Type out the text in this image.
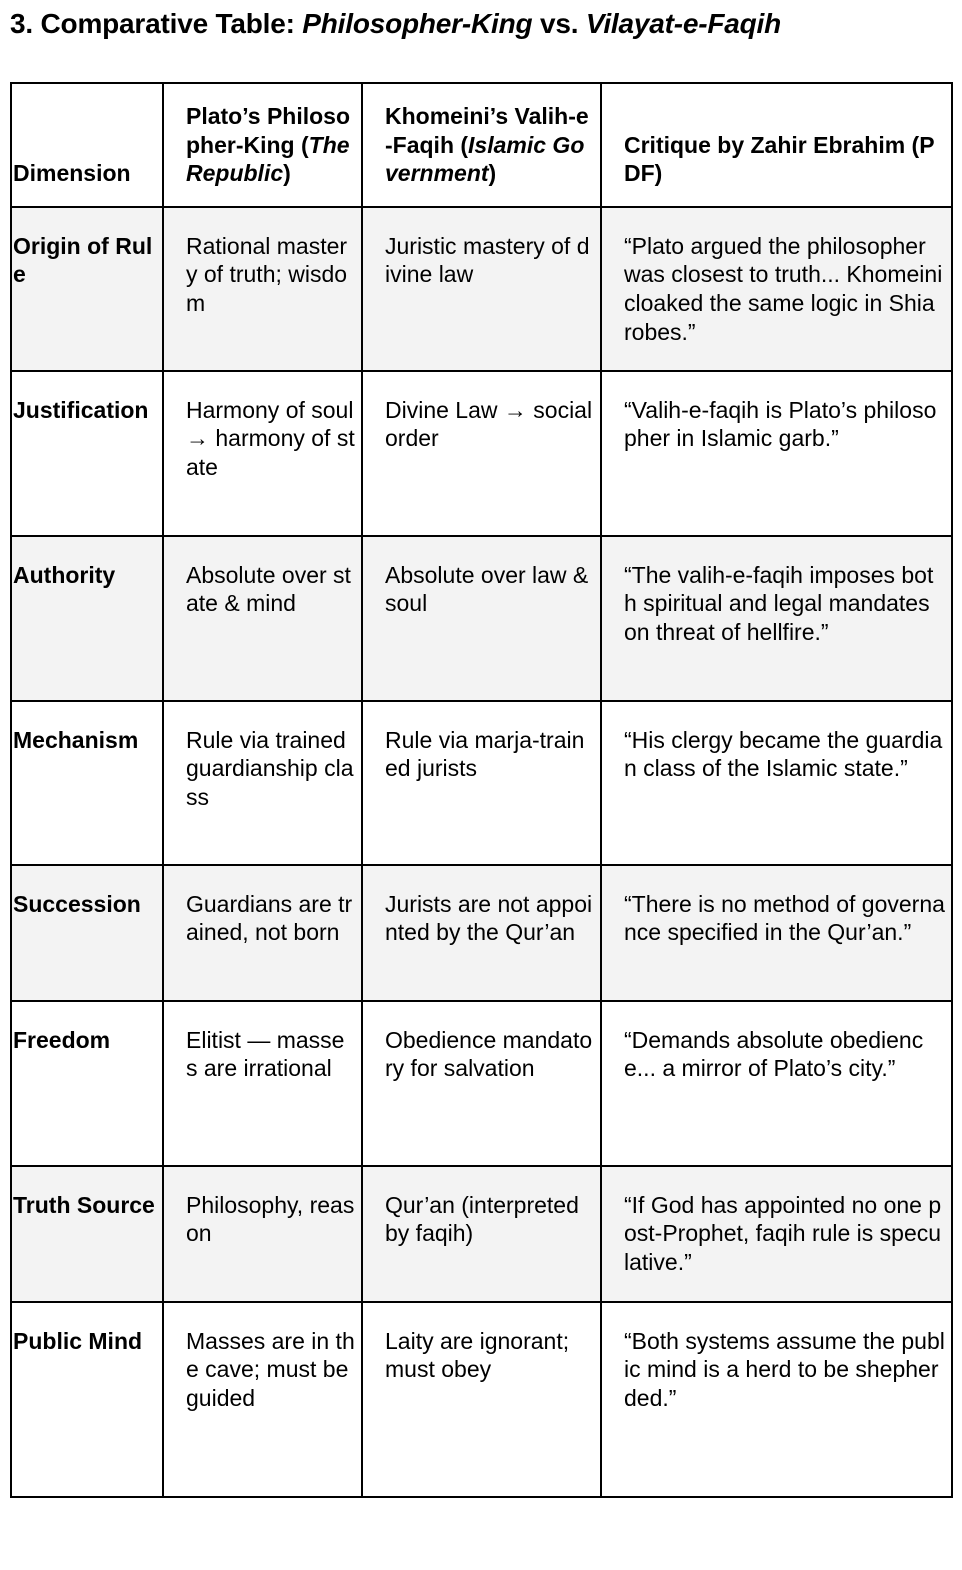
3. Comparative Table: Philosopher-King vs. Vilayat-e-Faqih
Dimension	Plato’s Philosopher-King (The Republic)	Khomeini’s Valih-e-Faqih (Islamic Government)	Critique by Zahir Ebrahim (PDF)
Origin of Rule	Rational mastery of truth; wisdom	Juristic mastery of divine law	“Plato argued the philosopher was closest to truth... Khomeini cloaked the same logic in Shia robes.”
Justification	Harmony of soul → harmony of state	Divine Law → social order	“Valih-e-faqih is Plato’s philosopher in Islamic garb.”
Authority	Absolute over state & mind	Absolute over law & soul	“The valih-e-faqih imposes both spiritual and legal mandates on threat of hellfire.”
Mechanism	Rule via trained guardianship class	Rule via marja-trained jurists	“His clergy became the guardian class of the Islamic state.”
Succession	Guardians are trained, not born	Jurists are not appointed by the Qur’an	“There is no method of governance specified in the Qur’an.”
Freedom	Elitist — masses are irrational	Obedience mandatory for salvation	“Demands absolute obedience... a mirror of Plato’s city.”
Truth Source	Philosophy, reason	Qur’an (interpreted by faqih)	“If God has appointed no one post-Prophet, faqih rule is speculative.”
Public Mind	Masses are in the cave; must be guided	Laity are ignorant; must obey	“Both systems assume the public mind is a herd to be shepherded.”
